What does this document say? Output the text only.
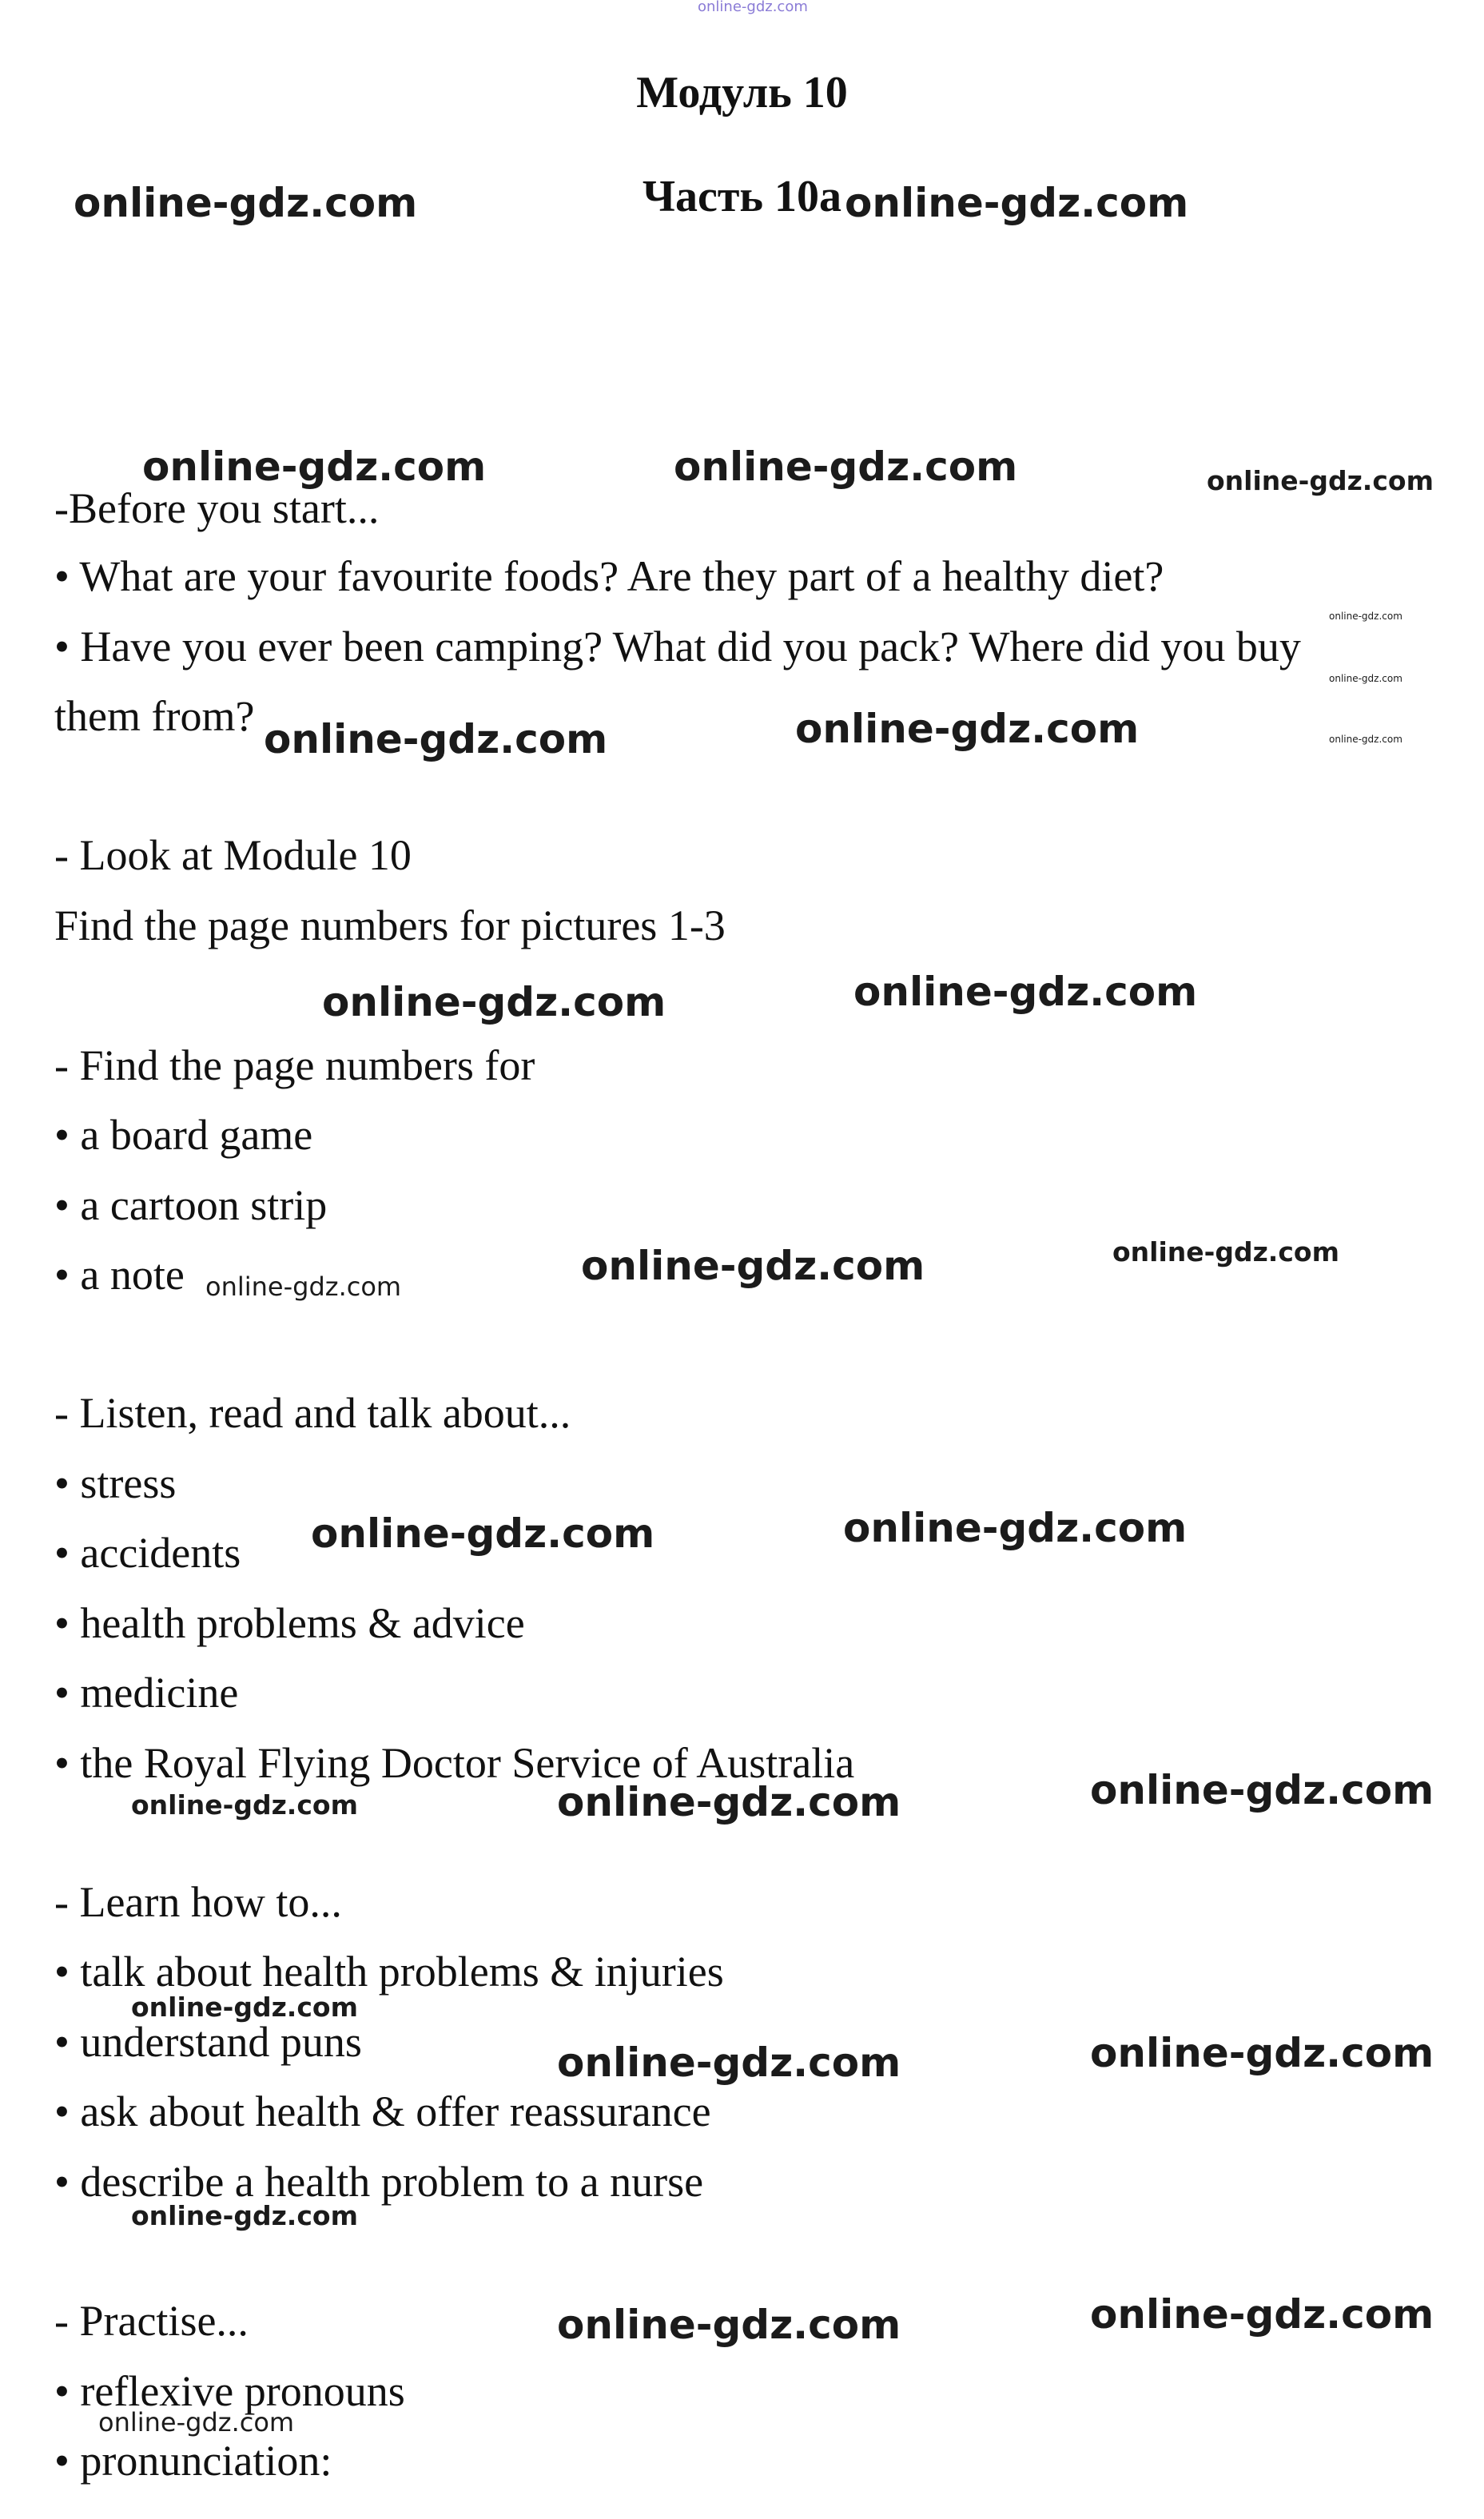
online-gdz.com
Модуль 10
Часть 10a
-Before you start...
• What are your favourite foods? Are they part of a healthy diet?
• Have you ever been camping? What did you pack? Where did you buy
them from?
- Look at Module 10
Find the page numbers for pictures 1-3
- Find the page numbers for
• a board game
• a cartoon strip
• a note
- Listen, read and talk about...
• stress
• accidents
• health problems & advice
• medicine
• the Royal Flying Doctor Service of Australia
- Learn how to...
• talk about health problems & injuries
• understand puns
• ask about health & offer reassurance
• describe a health problem to a nurse
- Practise...
• reflexive pronouns
• pronunciation:
online-gdz.com	online-gdz.com
online-gdz.com	online-gdz.com	online-gdz.com
online-gdz.com
online-gdz.com
online-gdz.com
online-gdz.com	online-gdz.com
online-gdz.com	online-gdz.com
online-gdz.com	online-gdz.com	online-gdz.com
online-gdz.com	online-gdz.com
online-gdz.com	online-gdz.com	online-gdz.com
online-gdz.com
online-gdz.com	online-gdz.com
online-gdz.com
online-gdz.com	online-gdz.com
online-gdz.com
